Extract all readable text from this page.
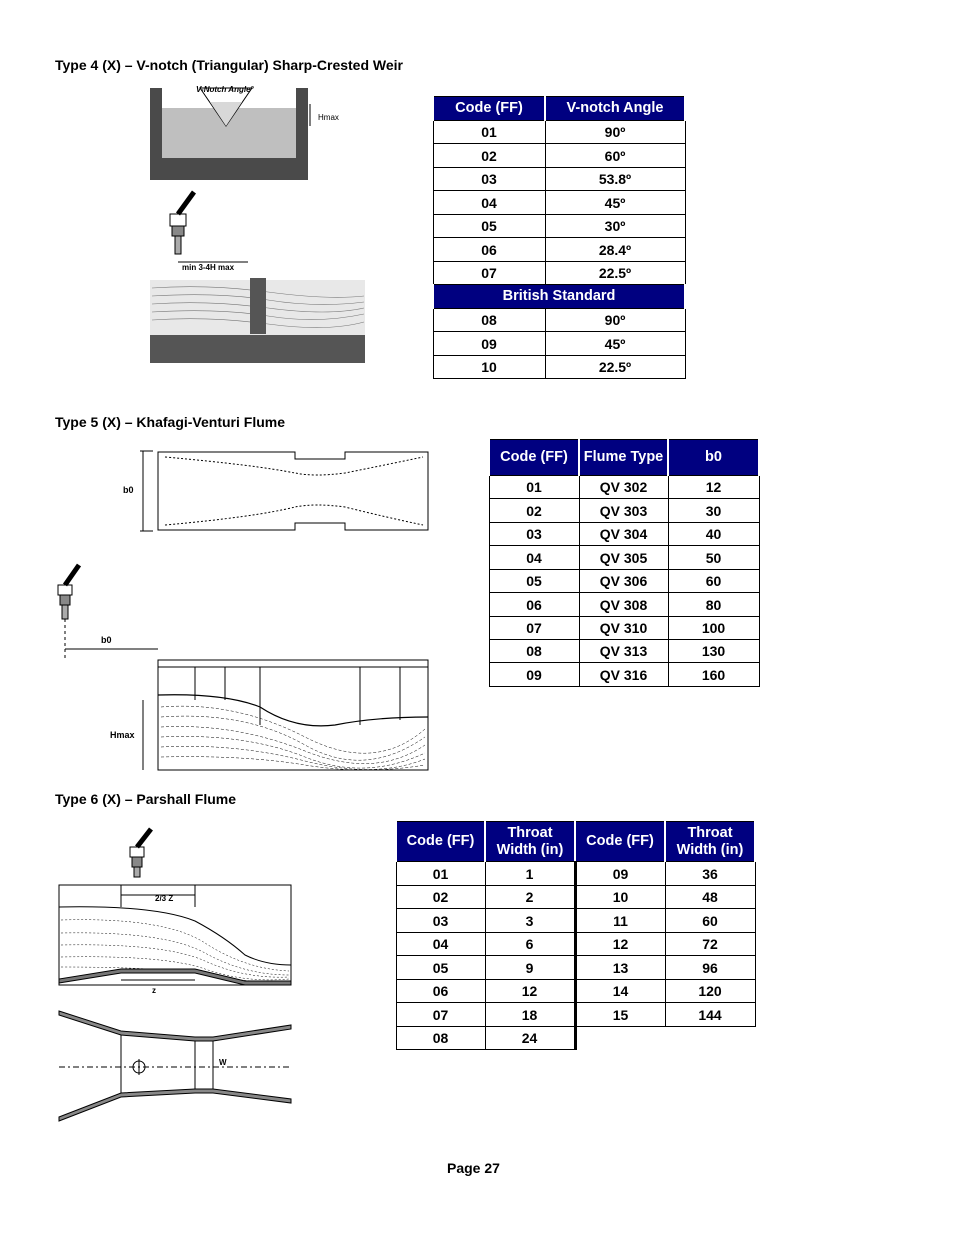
Type 4 (X) – V-notch (Triangular) Sharp-Crested Weir
V-Notch Angle°
Hmax
min 3-4H max
Code (FF)	V-notch Angle
01	90º
02	60º
03	53.8º
04	45º
05	30º
06	28.4º
07	22.5º
British Standard	
08	90º
09	45º
10	22.5º
Type 5 (X) – Khafagi-Venturi Flume
b0
b0
Hmax
Code (FF)	Flume Type	b0
01	QV 302	12
02	QV 303	30
03	QV 304	40
04	QV 305	50
05	QV 306	60
06	QV 308	80
07	QV 310	100
08	QV 313	130
09	QV 316	160
Type 6 (X) – Parshall Flume
2/3 Z
z
W
Code (FF)	Throat Width (in)	Code (FF)	Throat Width (in)
01	1	09	36
02	2	10	48
03	3	11	60
04	6	12	72
05	9	13	96
06	12	14	120
07	18	15	144
08	24		
Page 27
